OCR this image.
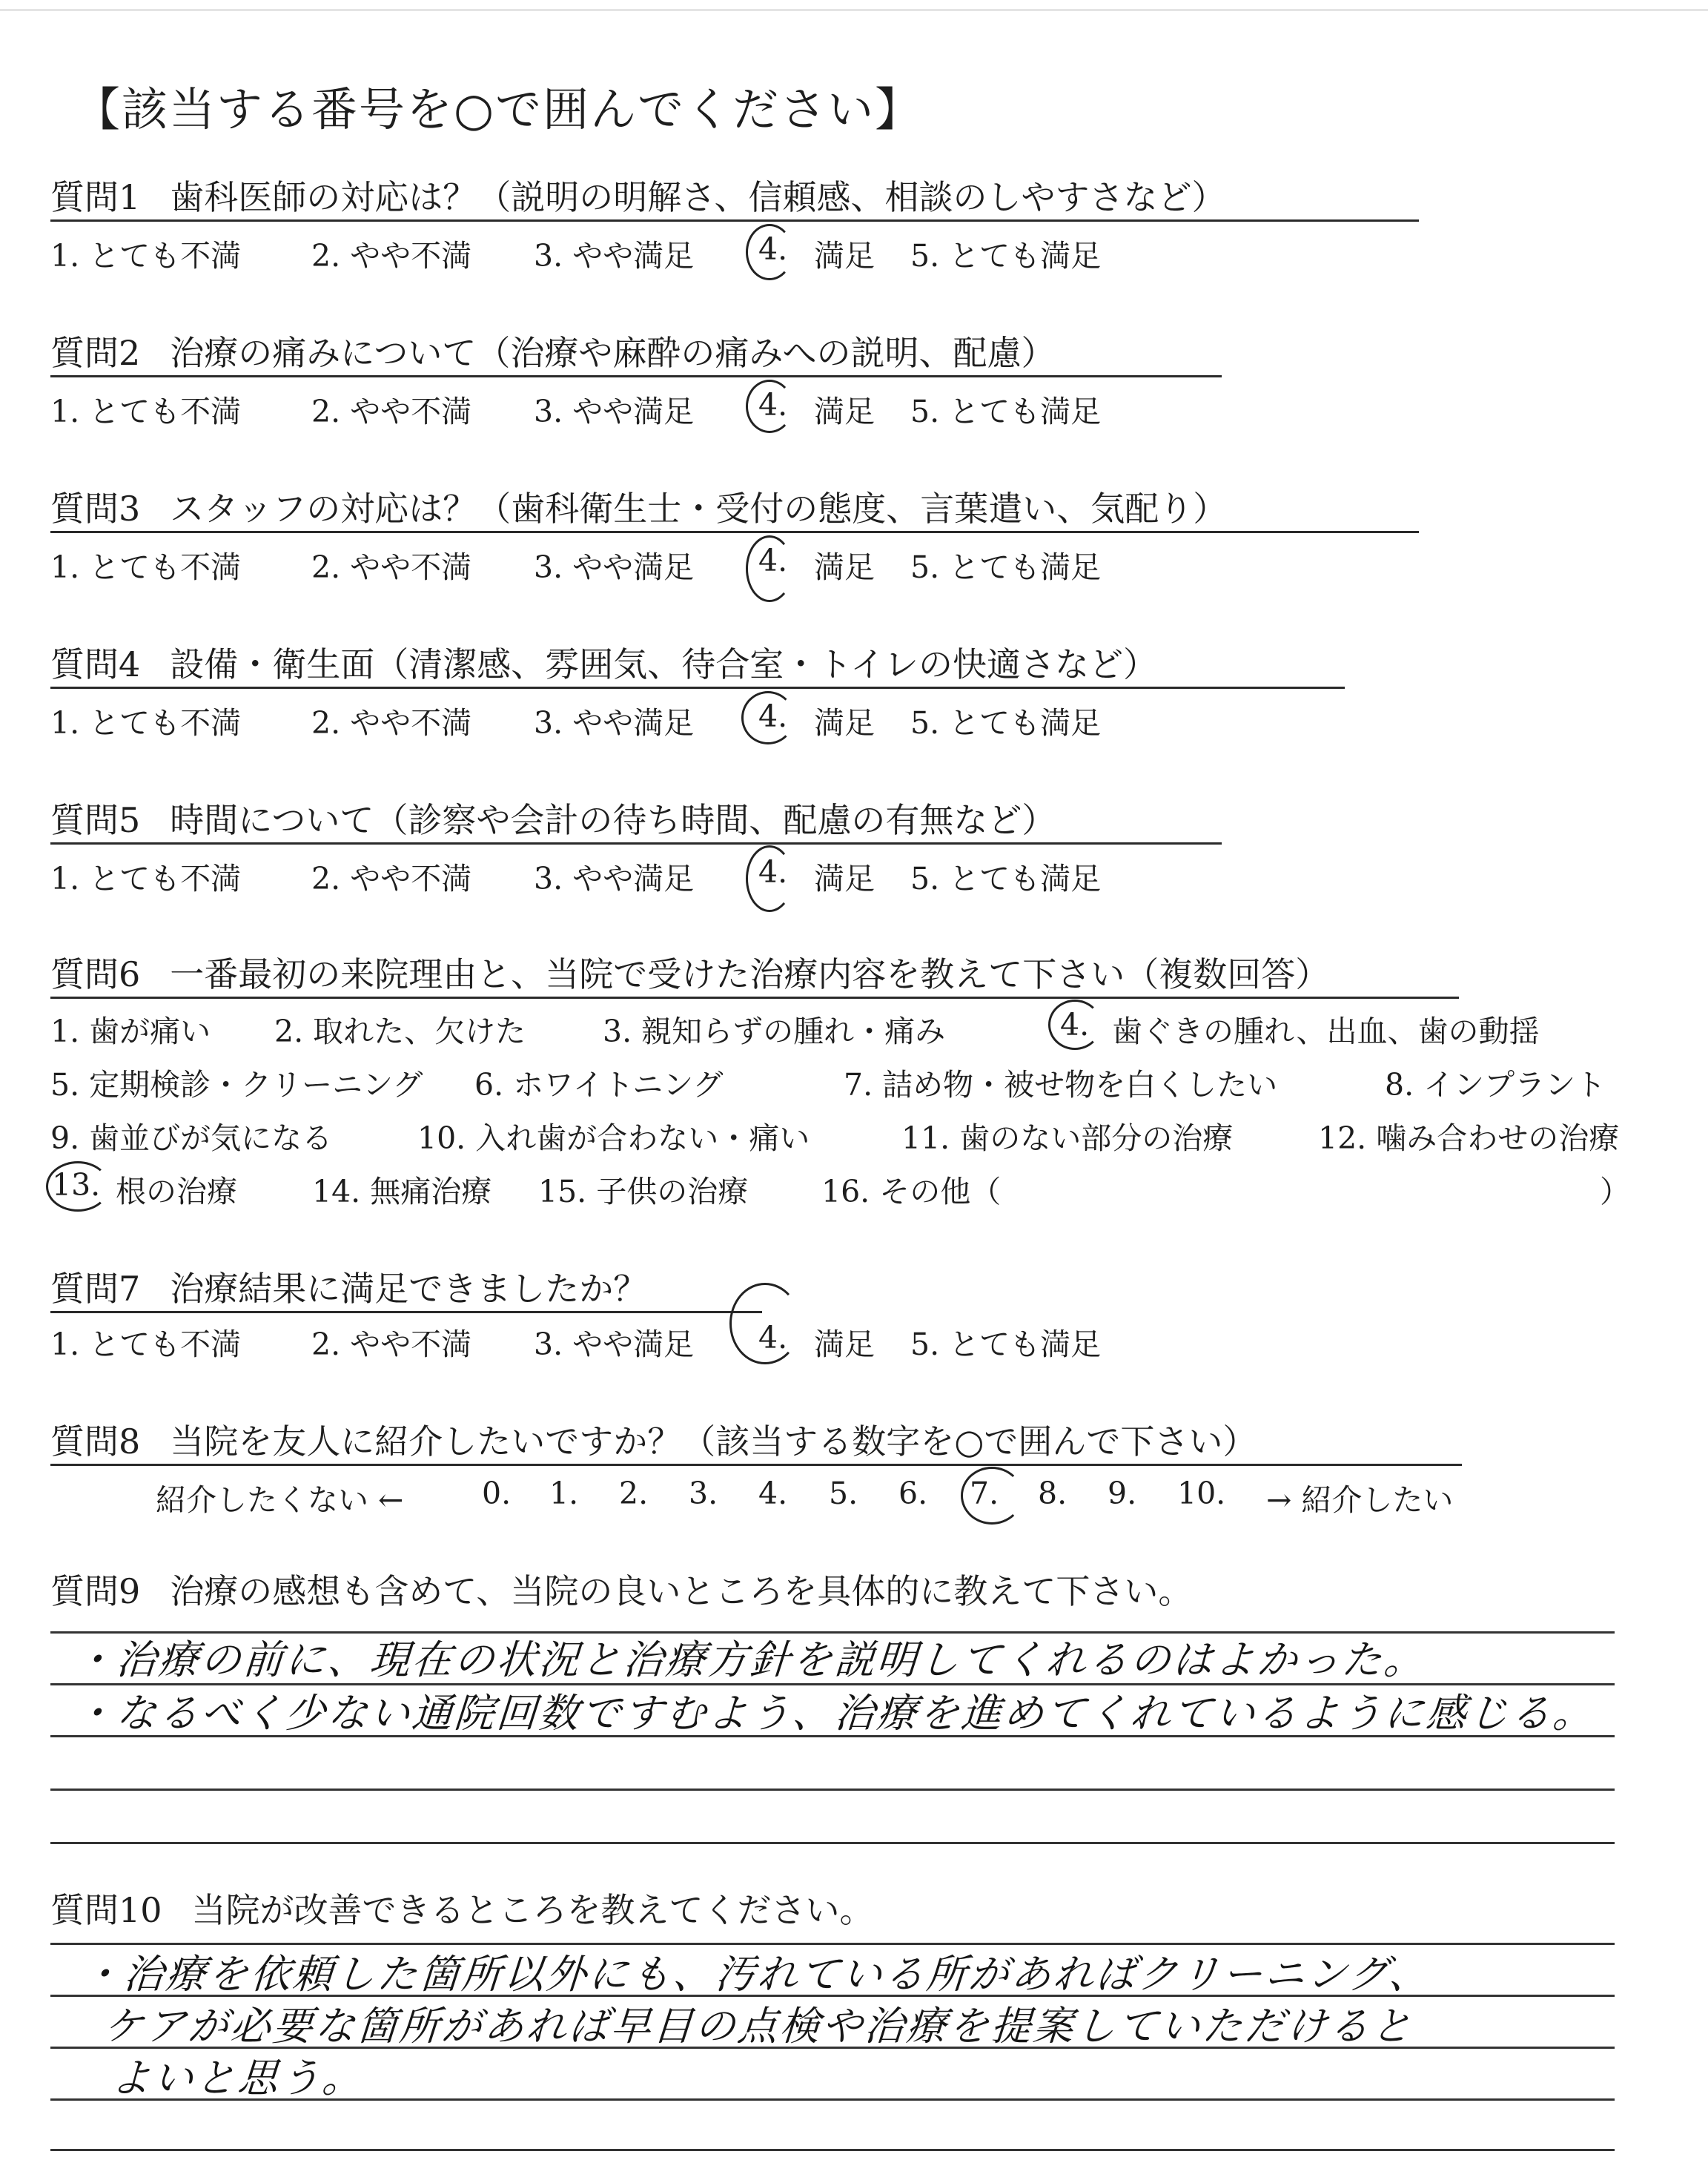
【該当する番号を○で囲んでください】
質問1 歯科医師の対応は？（説明の明解さ、信頼感、相談のしやすさなど）
1. とても不満 2. やや不満 3. やや満足 4. 満足 5. とても満足
質問2 治療の痛みについて（治療や麻酔の痛みへの説明、配慮）
1. とても不満 2. やや不満 3. やや満足 4. 満足 5. とても満足
質問3 スタッフの対応は？（歯科衛生士・受付の態度、言葉遣い、気配り）
1. とても不満 2. やや不満 3. やや満足 4. 満足 5. とても満足
質問4 設備・衛生面（清潔感、雰囲気、待合室・トイレの快適さなど）
1. とても不満 2. やや不満 3. やや満足 4. 満足 5. とても満足
質問5 時間について（診察や会計の待ち時間、配慮の有無など）
1. とても不満 2. やや不満 3. やや満足 4. 満足 5. とても満足
質問6 一番最初の来院理由と、当院で受けた治療内容を教えて下さい（複数回答）
1. 歯が痛い 2. 取れた、欠けた	3. 親知らずの腫れ・痛み	4. 歯ぐきの腫れ、出血、歯の動揺
5. 定期検診・クリーニング 6. ホワイトニング	7. 詰め物・被せ物を白くしたい	8. インプラント
9. 歯並びが気になる	10. 入れ歯が合わない・痛い	11. 歯のない部分の治療	12. 噛み合わせの治療
13. 根の治療 14. 無痛治療 15. 子供の治療 16. その他（	）
質問7 治療結果に満足できましたか？
1. とても不満 2. やや不満 3. やや満足 4. 満足 5. とても満足
質問8 当院を友人に紹介したいですか？（該当する数字を○で囲んで下さい）
紹介したくない ←	0. 1. 2. 3. 4. 5. 6. 7. 8. 9. 10. → 紹介したい
質問9 治療の感想も含めて、当院の良いところを具体的に教えて下さい。
・治療の前に、現在の状況と治療方針を説明してくれるのはよかった。
・なるべく少ない通院回数ですむよう、治療を進めてくれているように感じる。
質問10 当院が改善できるところを教えてください。
・治療を依頼した箇所以外にも、汚れている所があればクリーニング、
ケアが必要な箇所があれば早目の点検や治療を提案していただけると
よいと思う。
